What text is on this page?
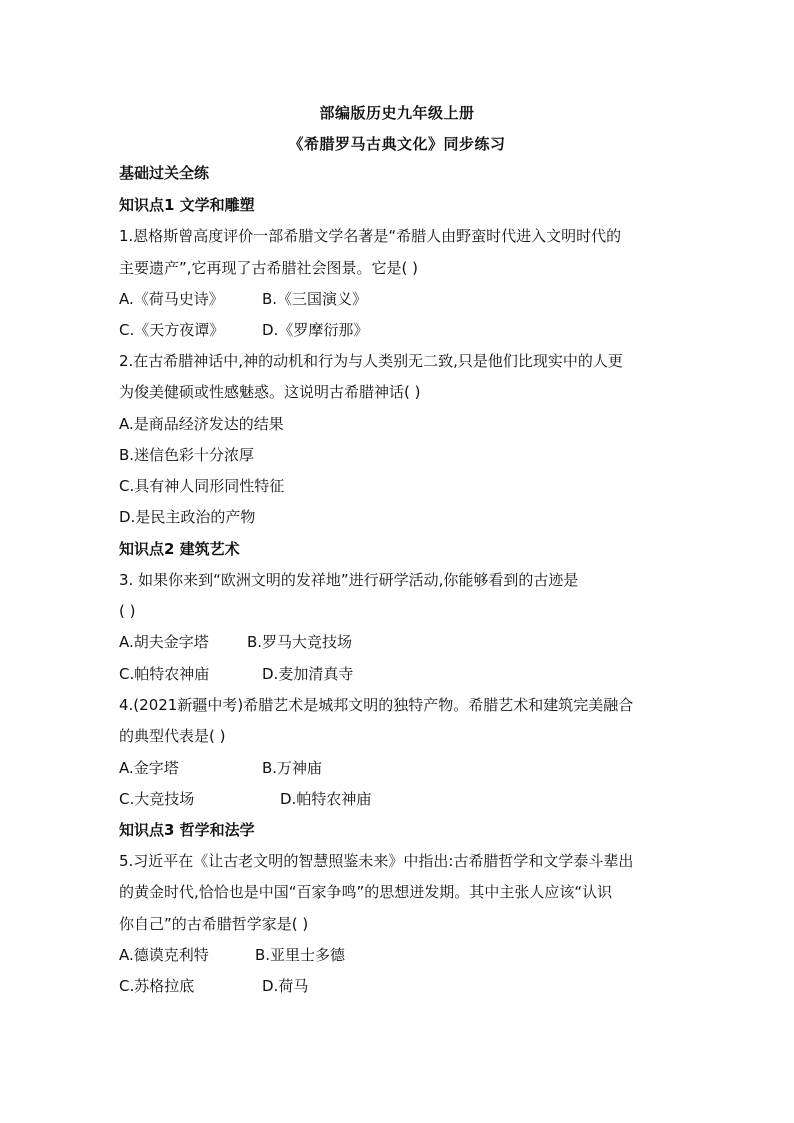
部编版历史九年级上册
《希腊罗马古典文化》同步练习
基础过关全练
知识点1 文学和雕塑
1.恩格斯曾高度评价一部希腊文学名著是“希腊人由野蛮时代进入文明时代的
主要遗产”,它再现了古希腊社会图景。它是( )
A.《荷马史诗》	B.《三国演义》
C.《天方夜谭》	D.《罗摩衍那》
2.在古希腊神话中,神的动机和行为与人类别无二致,只是他们比现实中的人更
为俊美健硕或性感魅惑。这说明古希腊神话( )
A.是商品经济发达的结果
B.迷信色彩十分浓厚
C.具有神人同形同性特征
D.是民主政治的产物
知识点2 建筑艺术
3. 如果你来到“欧洲文明的发祥地”进行研学活动,你能够看到的古迹是
( )
A.胡夫金字塔	B.罗马大竞技场
C.帕特农神庙	D.麦加清真寺
4.(2021新疆中考)希腊艺术是城邦文明的独特产物。希腊艺术和建筑完美融合
的典型代表是( )
A.金字塔	B.万神庙
C.大竞技场	D.帕特农神庙
知识点3 哲学和法学
5.习近平在《让古老文明的智慧照鉴未来》中指出:古希腊哲学和文学泰斗辈出
的黄金时代,恰恰也是中国“百家争鸣”的思想迸发期。其中主张人应该“认识
你自己”的古希腊哲学家是( )
A.德谟克利特	B.亚里士多德
C.苏格拉底	D.荷马
